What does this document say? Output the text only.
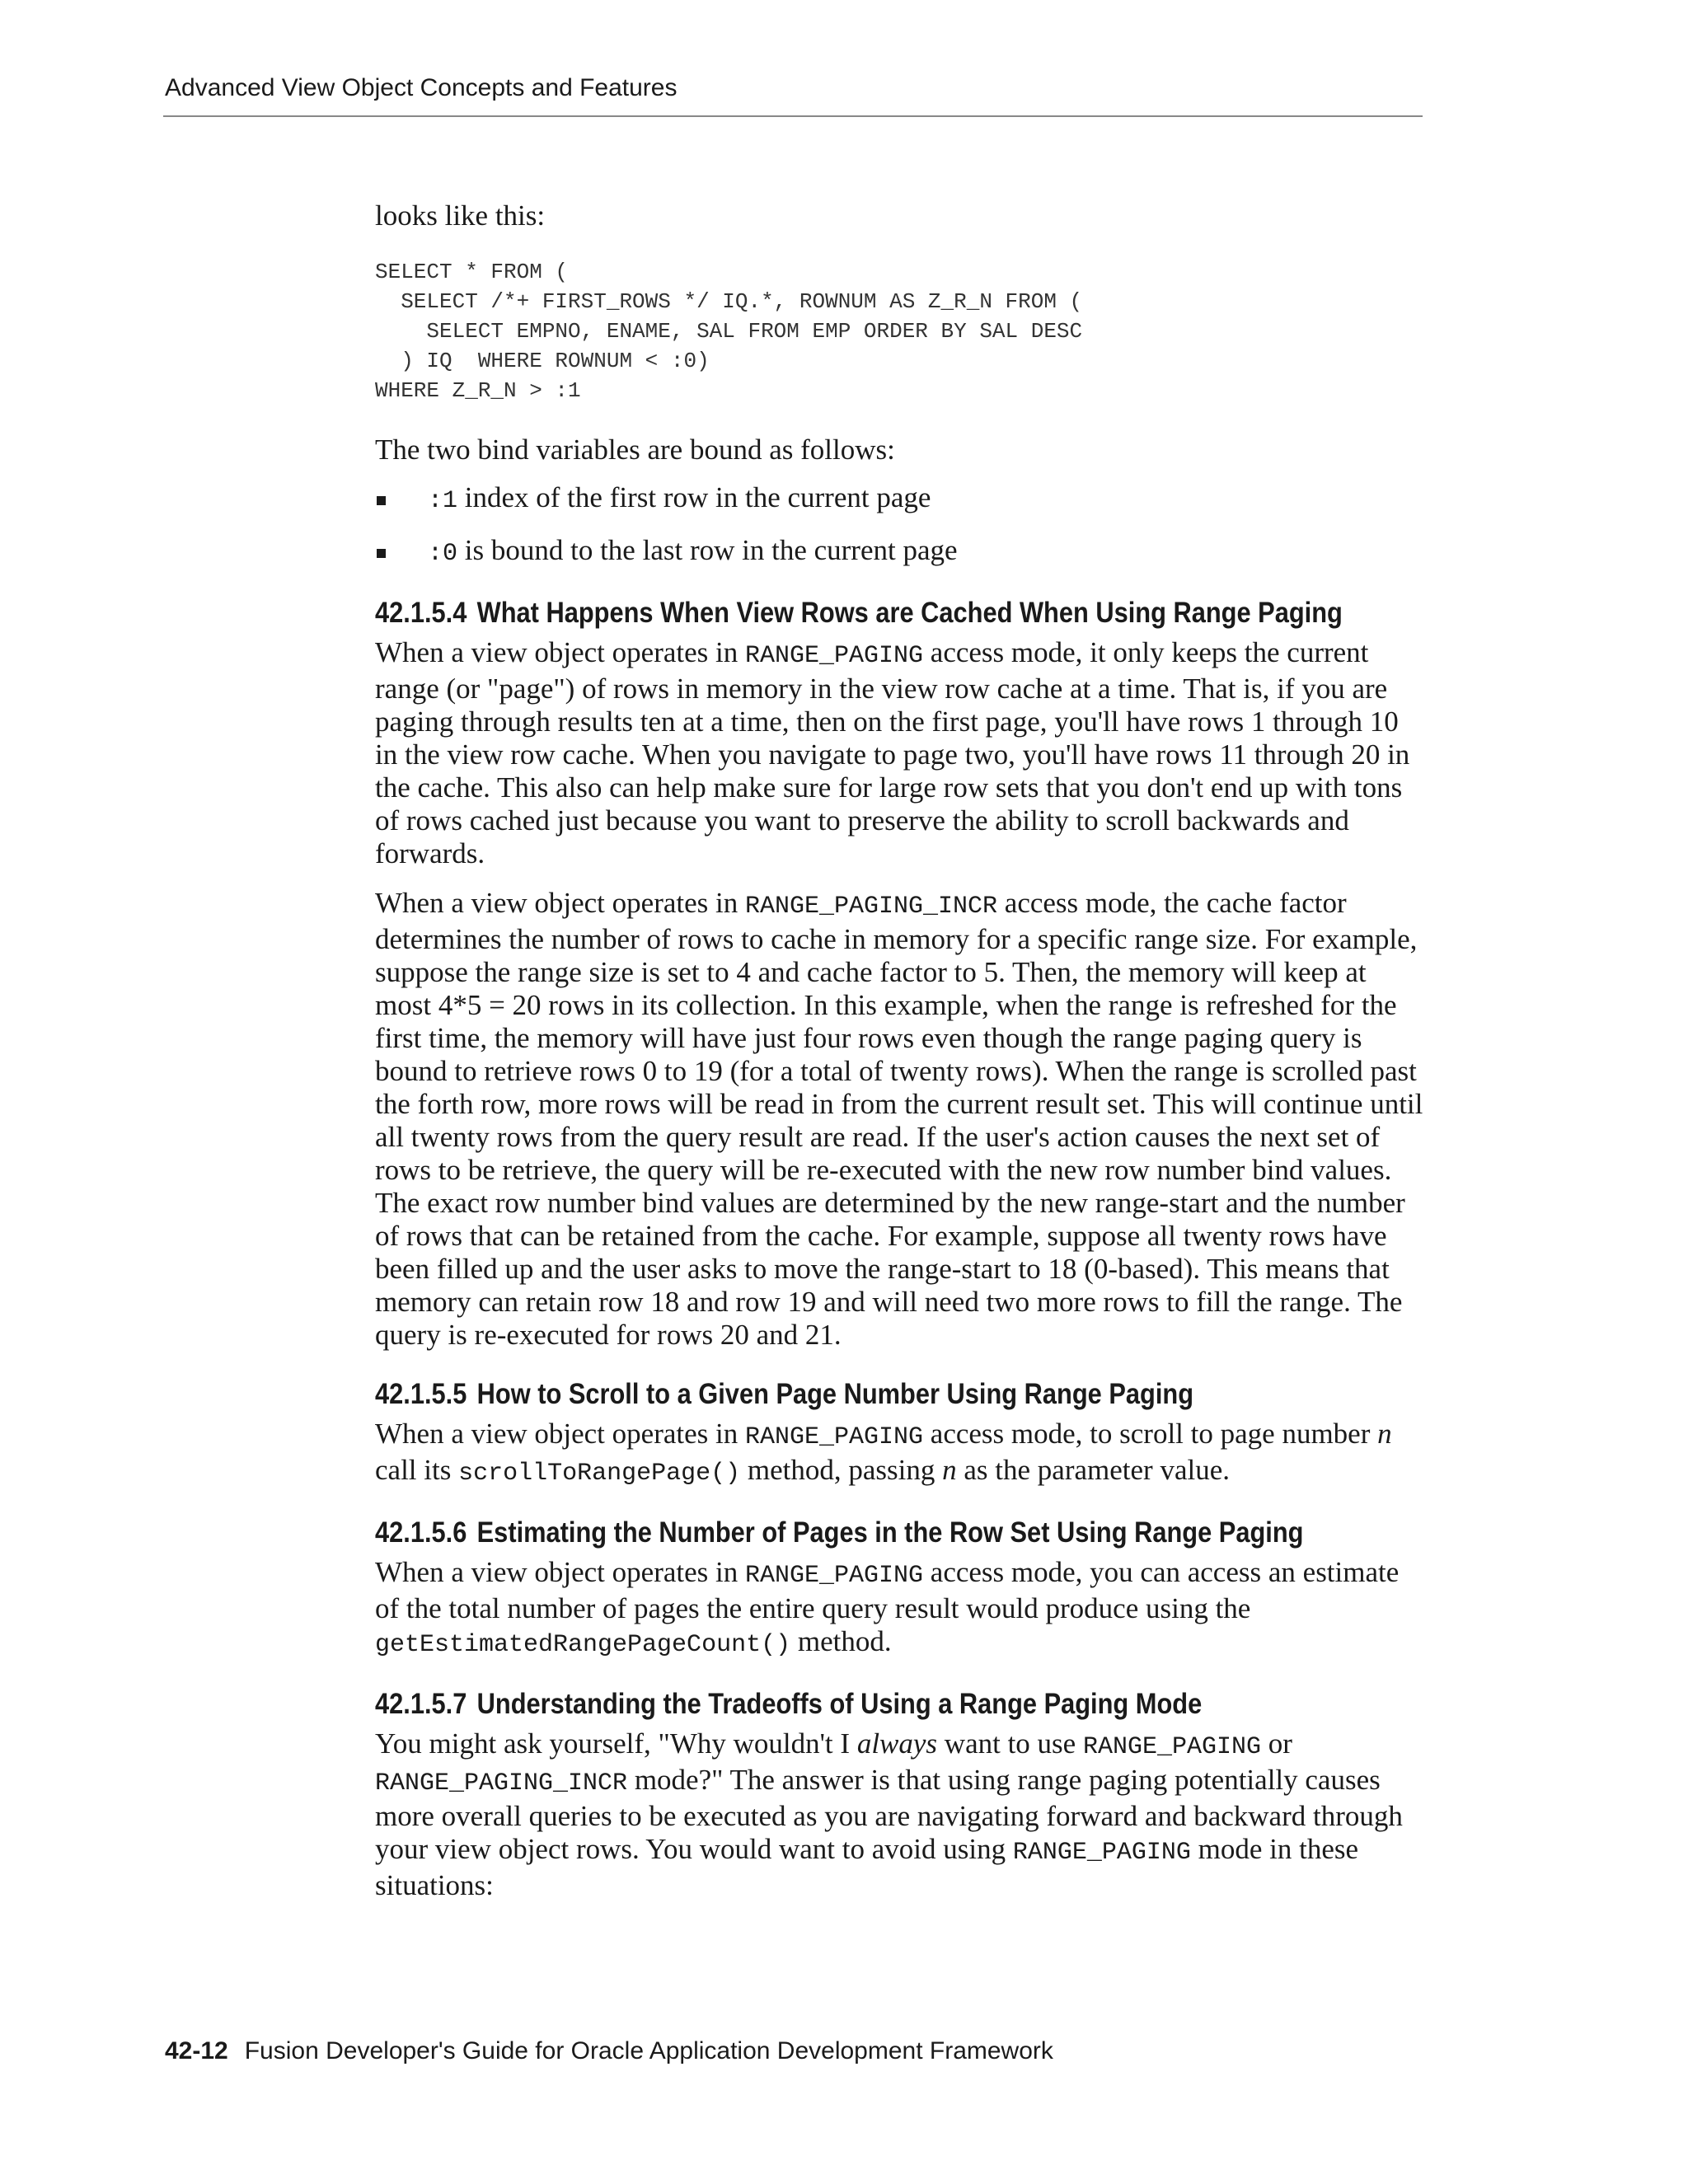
Advanced View Object Concepts and Features

looks like this:

SELECT * FROM (
SELECT /*+ FIRST_ROWS */ IQ.*, ROWNUM AS Z_R_N FROM (
SELECT EMPNO, ENAME, SAL FROM EMP ORDER BY SAL DESC
) IQ  WHERE ROWNUM < :0)
WHERE Z_R_N > :1

The two bind variables are bound as follows:

:1 index of the first row in the current page
:0 is bound to the last row in the current page
42.1.5.4 What Happens When View Rows are Cached When Using Range Paging

When a view object operates in RANGE_PAGING access mode, it only keeps the current range (or "page") of rows in memory in the view row cache at a time. That is, if you are paging through results ten at a time, then on the first page, you'll have rows 1 through 10 in the view row cache. When you navigate to page two, you'll have rows 11 through 20 in the cache. This also can help make sure for large row sets that you don't end up with tons of rows cached just because you want to preserve the ability to scroll backwards and forwards.

When a view object operates in RANGE_PAGING_INCR access mode, the cache factor determines the number of rows to cache in memory for a specific range size. For example, suppose the range size is set to 4 and cache factor to 5. Then, the memory will keep at most 4*5 = 20 rows in its collection. In this example, when the range is refreshed for the first time, the memory will have just four rows even though the range paging query is bound to retrieve rows 0 to 19 (for a total of twenty rows). When the range is scrolled past the forth row, more rows will be read in from the current result set. This will continue until all twenty rows from the query result are read. If the user's action causes the next set of rows to be retrieve, the query will be re-executed with the new row number bind values. The exact row number bind values are determined by the new range-start and the number of rows that can be retained from the cache. For example, suppose all twenty rows have been filled up and the user asks to move the range-start to 18 (0-based). This means that memory can retain row 18 and row 19 and will need two more rows to fill the range. The query is re-executed for rows 20 and 21.

42.1.5.5 How to Scroll to a Given Page Number Using Range Paging

When a view object operates in RANGE_PAGING access mode, to scroll to page number n call its scrollToRangePage() method, passing n as the parameter value.

42.1.5.6 Estimating the Number of Pages in the Row Set Using Range Paging

When a view object operates in RANGE_PAGING access mode, you can access an estimate of the total number of pages the entire query result would produce using the getEstimatedRangePageCount() method.

42.1.5.7 Understanding the Tradeoffs of Using a Range Paging Mode

You might ask yourself, "Why wouldn't I always want to use RANGE_PAGING or RANGE_PAGING_INCR mode?" The answer is that using range paging potentially causes more overall queries to be executed as you are navigating forward and backward through your view object rows. You would want to avoid using RANGE_PAGING mode in these situations:

42-12 Fusion Developer's Guide for Oracle Application Development Framework
